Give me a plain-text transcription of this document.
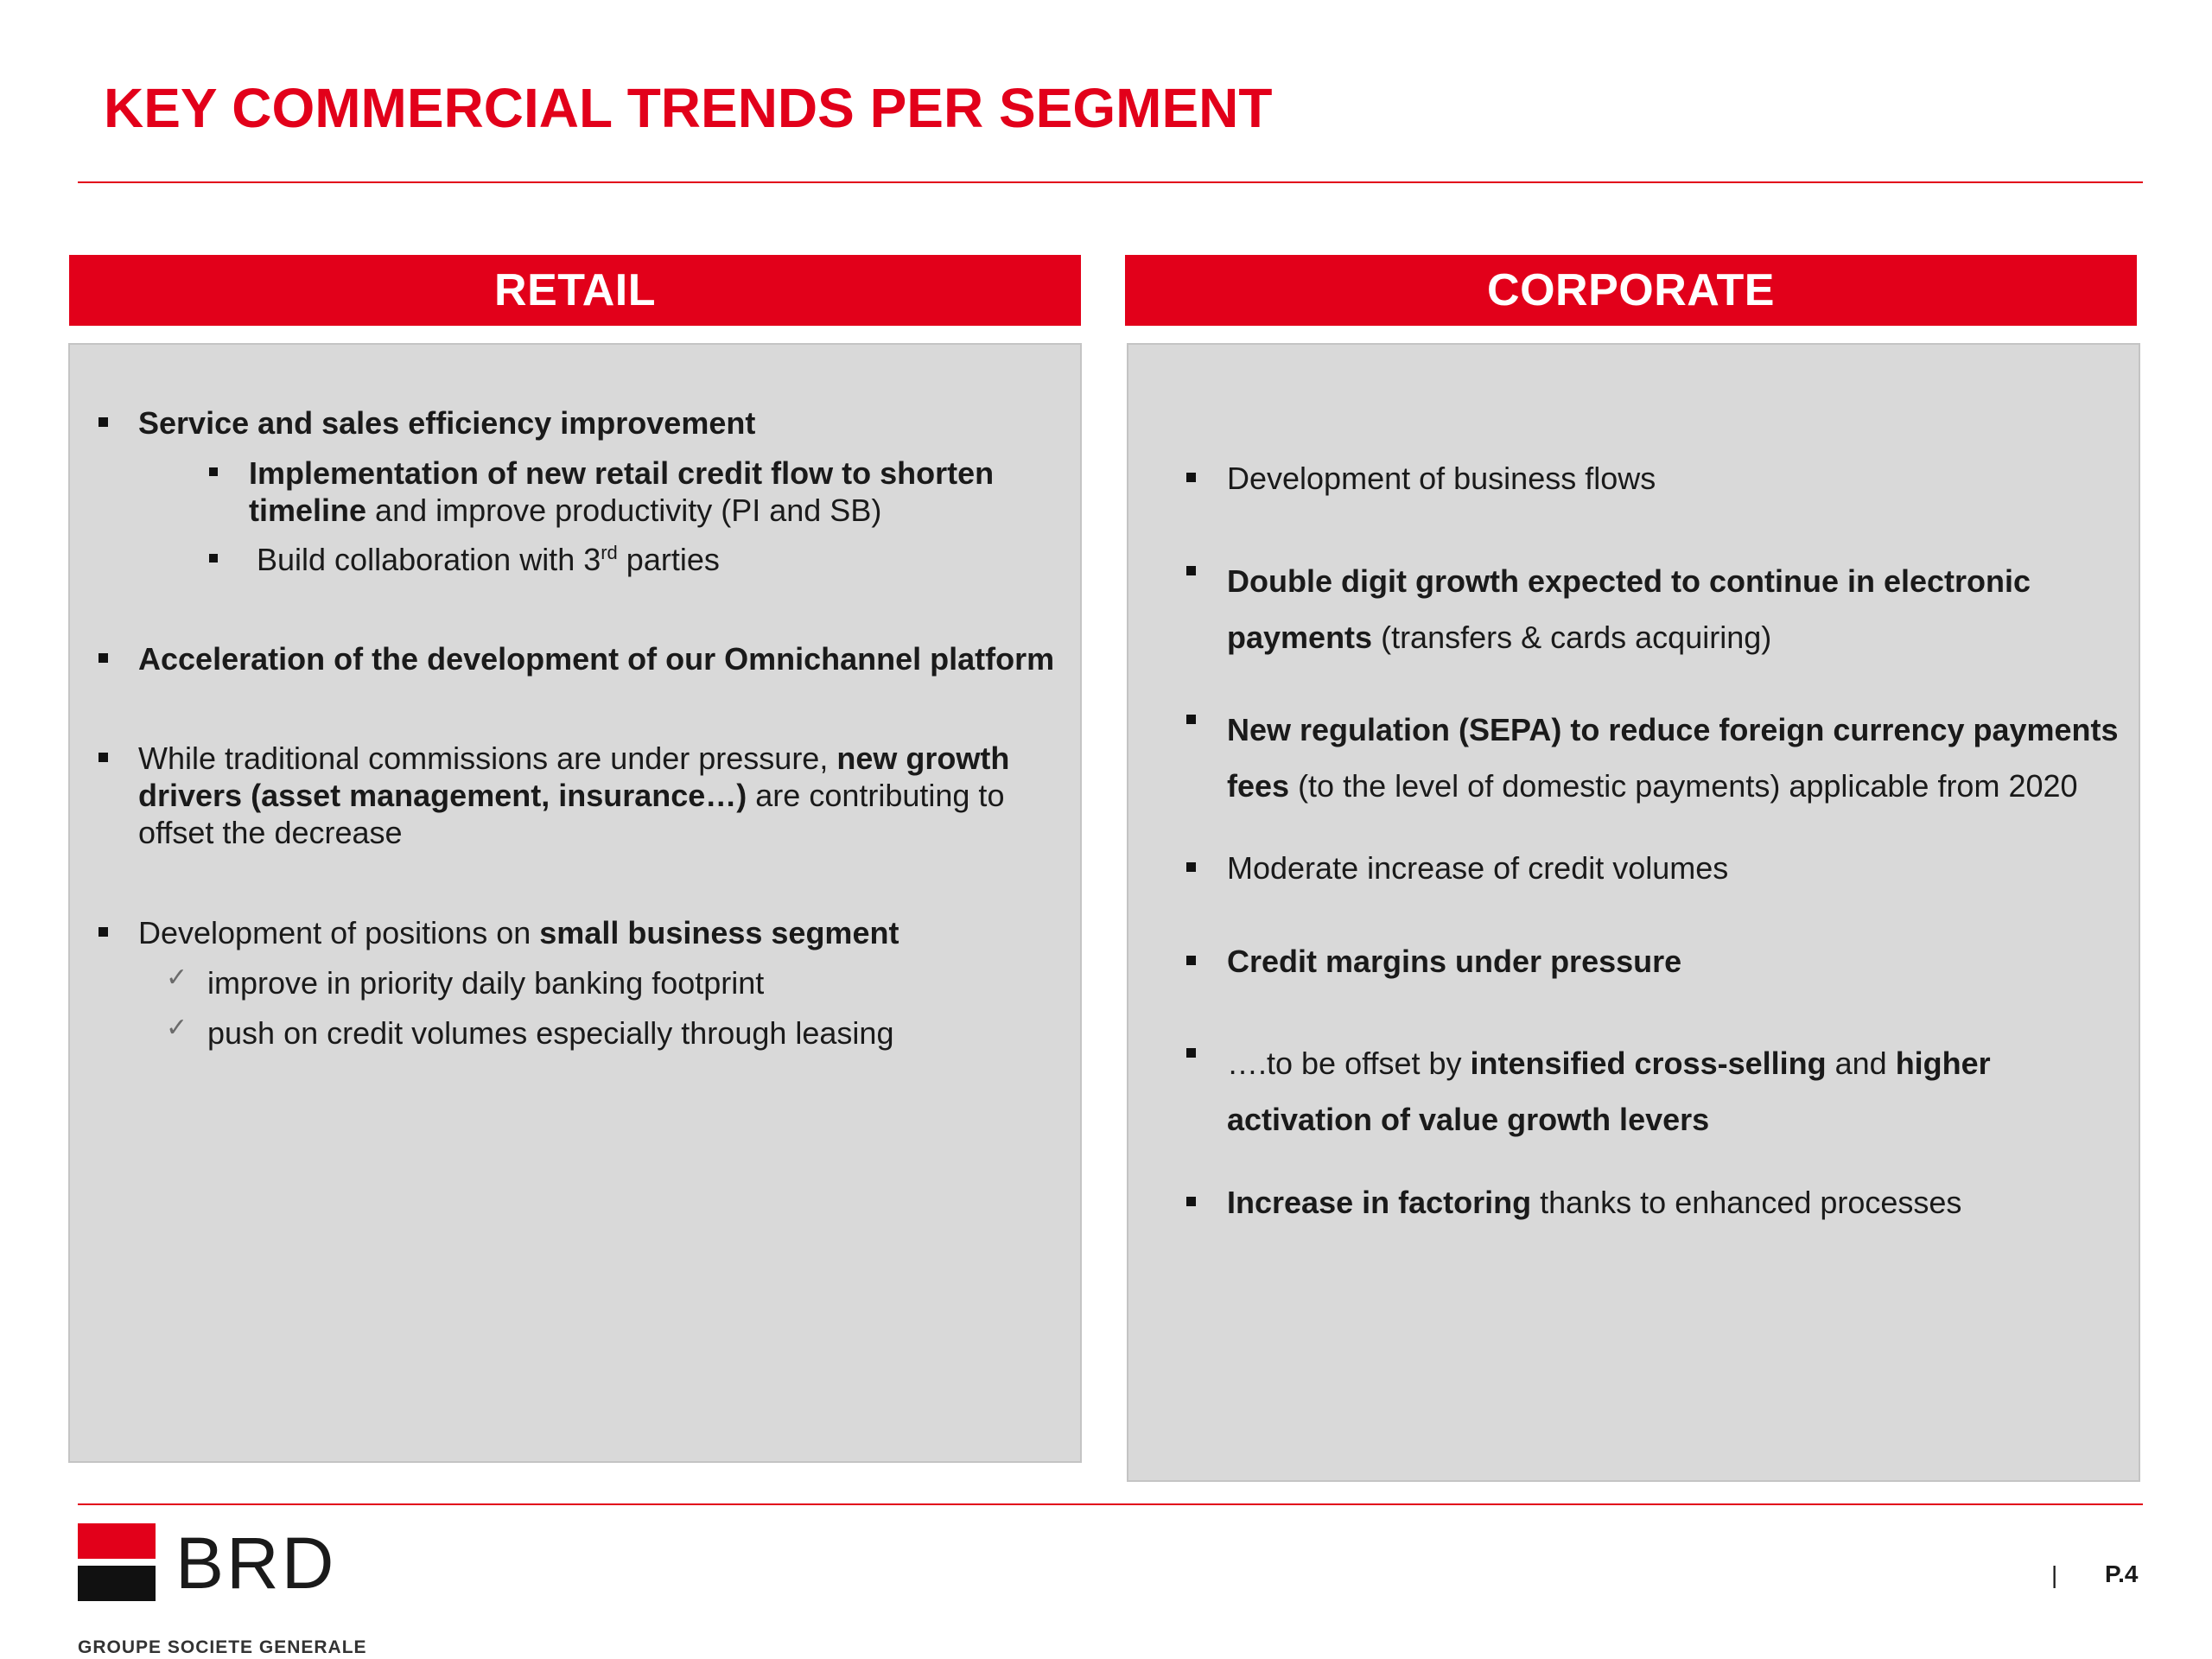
KEY COMMERCIAL TRENDS PER SEGMENT
RETAIL
Service and sales efficiency improvement
Implementation of new retail credit flow to shorten
timeline and improve productivity (PI and SB)
Build collaboration with 3rd parties
Acceleration of the development of our Omnichannel platform
While traditional commissions are under pressure, new growth
drivers (asset management, insurance…) are contributing to
offset the decrease
Development of positions on small business segment
✓ improve in priority daily banking footprint
✓ push on credit volumes especially through leasing
CORPORATE
Development of business flows
Double digit growth expected to continue in electronic
payments (transfers & cards acquiring)
New regulation (SEPA) to reduce foreign currency payments
fees (to the level of domestic payments) applicable from 2020
Moderate increase of credit volumes
Credit margins under pressure
….to be offset by intensified cross-selling and higher
activation of value growth levers
Increase in factoring thanks to enhanced processes
BRD
GROUPE SOCIETE GENERALE
| P.4
